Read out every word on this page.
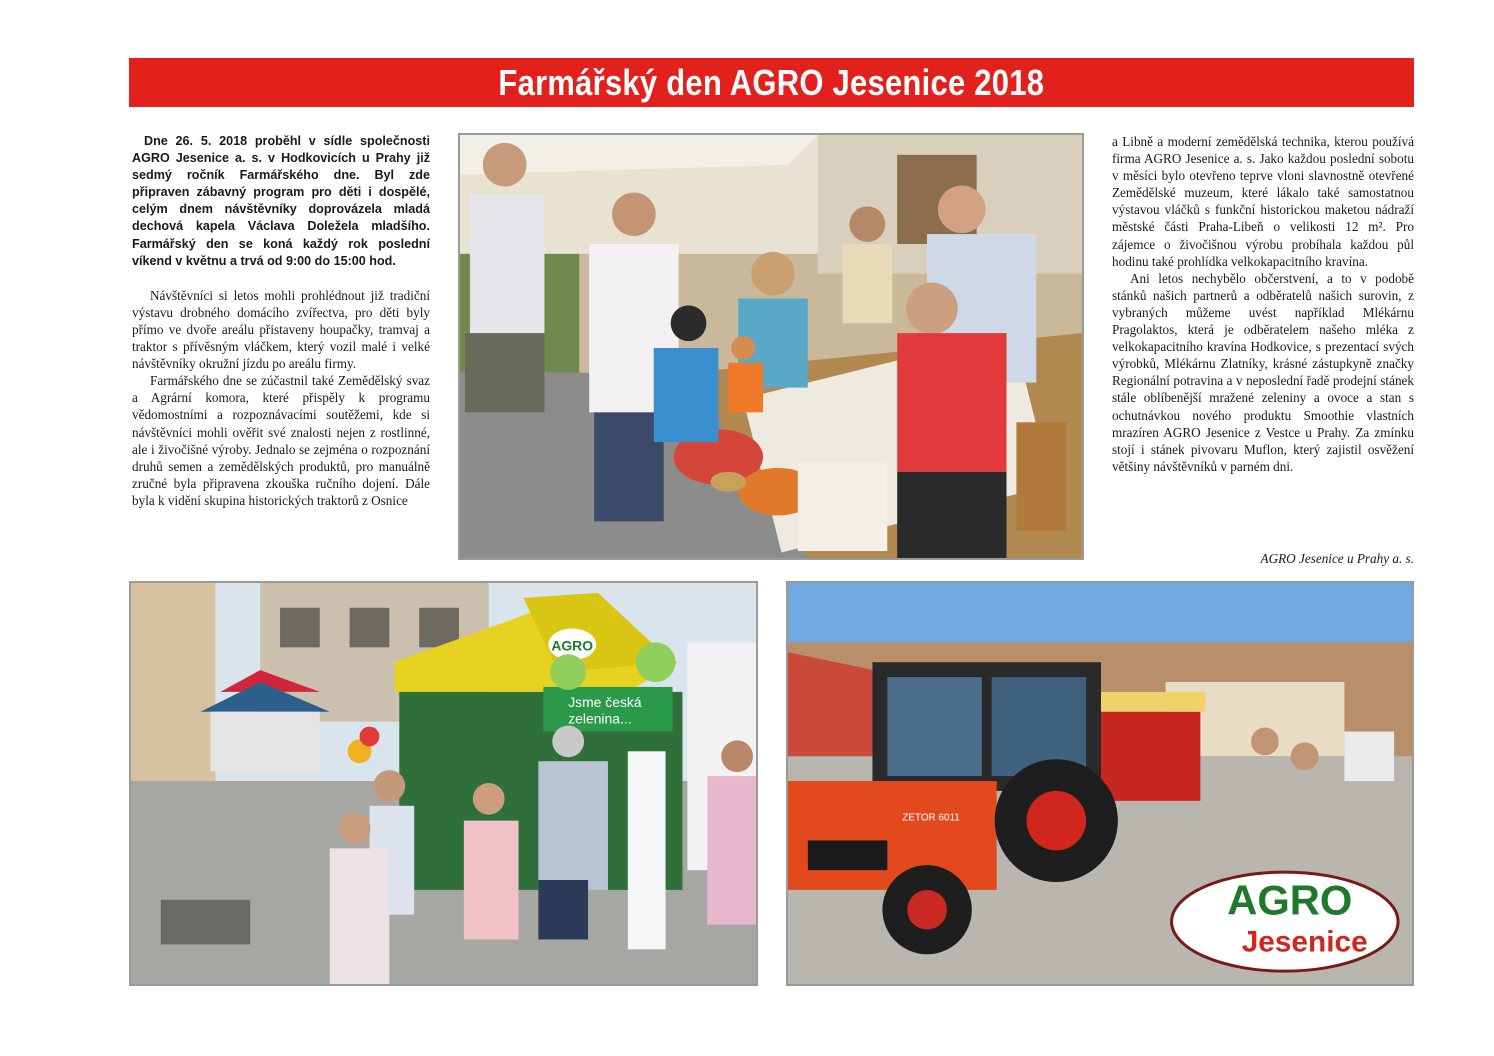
Farmářský den AGRO Jesenice 2018

Dne 26. 5. 2018 proběhl v sídle společnosti AGRO Jesenice a. s. v Hodkovicích u Prahy již sedmý ročník Farmářského dne. Byl zde připraven zábavný program pro děti i dospělé, celým dnem návštěvníky doprovázela mladá dechová kapela Václava Doležela mladšího. Farmářský den se koná každý rok poslední víkend v květnu a trvá od 9:00 do 15:00 hod.

Návštěvníci si letos mohli prohlédnout již tradiční výstavu drobného domácího zvířectva, pro děti byly přímo ve dvoře areálu přistaveny houpačky, tramvaj a traktor s přívěsným vláčkem, který vozil malé i velké návštěvníky okružní jízdu po areálu firmy.

Farmářského dne se zúčastnil také Zemědělský svaz a Agrární komora, které přispěly k programu vědomostními a rozpoznávacími soutěžemi, kde si návštěvníci mohli ověřit své znalosti nejen z rostlinné, ale i živočišné výroby. Jednalo se zejména o rozpoznání druhů semen a zemědělských produktů, pro manuálně zručné byla připravena zkouška ručního dojení. Dále byla k vidění skupina historických traktorů z Osnice

a Libně a moderní zemědělská technika, kterou používá firma AGRO Jesenice a. s. Jako každou poslední sobotu v měsíci bylo otevřeno teprve vloni slavnostně otevřené Zemědělské muzeum, které lákalo také samostatnou výstavou vláčků s funkční historickou maketou nádraží městské části Praha-Libeň o velikosti 12 m². Pro zájemce o živočišnou výrobu probíhala každou půl hodinu také prohlídka velkokapacitního kravína.

Ani letos nechybělo občerstvení, a to v podobě stánků našich partnerů a odběratelů našich surovin, z vybraných můžeme uvést například Mlékárnu Pragolaktos, která je odběratelem našeho mléka z velkokapacitního kravína Hodkovice, s prezentací svých výrobků, Mlékárnu Zlatníky, krásné zástupkyně značky Regionální potravina a v neposlední řadě prodejní stánek stále oblíbenější mražené zeleniny a ovoce a stan s ochutnávkou nového produktu Smoothie vlastních mrazíren AGRO Jesenice z Vestce u Prahy. Za zmínku stojí i stánek pivovaru Muflon, který zajistil osvěžení většiny návštěvníků v parném dni.

AGRO Jesenice u Prahy a. s.
AGRO
Jsme česká
zelenina...
ZETOR 6011
AGRO
Jesenice
